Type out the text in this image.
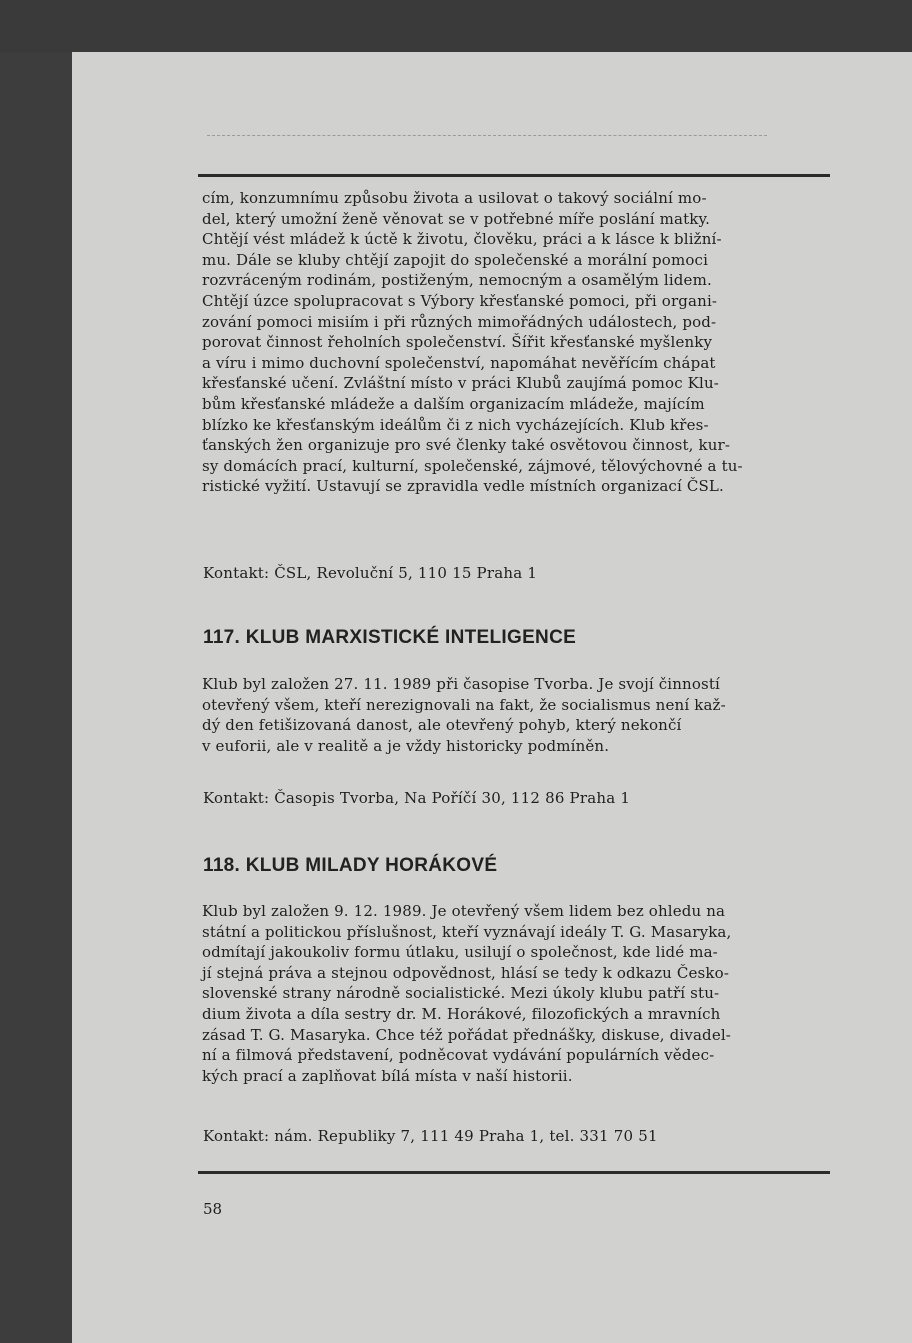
cím, konzumnímu způsobu života a usilovat o takový sociální mo-

del, který umožní ženě věnovat se v potřebné míře poslání matky.

Chtějí vést mládež k úctě k životu, člověku, práci a k lásce k bližní-

mu. Dále se kluby chtějí zapojit do společenské a morální pomoci

rozvráceným rodinám, postiženým, nemocným a osamělým lidem.

Chtějí úzce spolupracovat s Výbory křesťanské pomoci, při organi-

zování pomoci misiím i při různých mimořádných událostech, pod-

porovat činnost řeholních společenství. Šířit křesťanské myšlenky

a víru i mimo duchovní společenství, napomáhat nevěřícím chápat

křesťanské učení. Zvláštní místo v práci Klubů zaujímá pomoc Klu-

bům křesťanské mládeže a dalším organizacím mládeže, majícím

blízko ke křesťanským ideálům či z nich vycházejících. Klub křes-

ťanských žen organizuje pro své členky také osvětovou činnost, kur-

sy domácích prací, kulturní, společenské, zájmové, tělovýchovné a tu-

ristické vyžití. Ustavují se zpravidla vedle místních organizací ČSL.

Kontakt: ČSL, Revoluční 5, 110 15 Praha 1
117. KLUB MARXISTICKÉ INTELIGENCE

Klub byl založen 27. 11. 1989 při časopise Tvorba. Je svojí činností

otevřený všem, kteří nerezignovali na fakt, že socialismus není kaž-

dý den fetišizovaná danost, ale otevřený pohyb, který nekončí

v euforii, ale v realitě a je vždy historicky podmíněn.

Kontakt: Časopis Tvorba, Na Poříčí 30, 112 86 Praha 1
118. KLUB MILADY HORÁKOVÉ

Klub byl založen 9. 12. 1989. Je otevřený všem lidem bez ohledu na

státní a politickou příslušnost, kteří vyznávají ideály T. G. Masaryka,

odmítají jakoukoliv formu útlaku, usilují o společnost, kde lidé ma-

jí stejná práva a stejnou odpovědnost, hlásí se tedy k odkazu Česko-

slovenské strany národně socialistické. Mezi úkoly klubu patří stu-

dium života a díla sestry dr. M. Horákové, filozofických a mravních

zásad T. G. Masaryka. Chce též pořádat přednášky, diskuse, divadel-

ní a filmová představení, podněcovat vydávání populárních vědec-

kých prací a zaplňovat bílá místa v naší historii.

Kontakt: nám. Republiky 7, 111 49 Praha 1, tel. 331 70 51
58
